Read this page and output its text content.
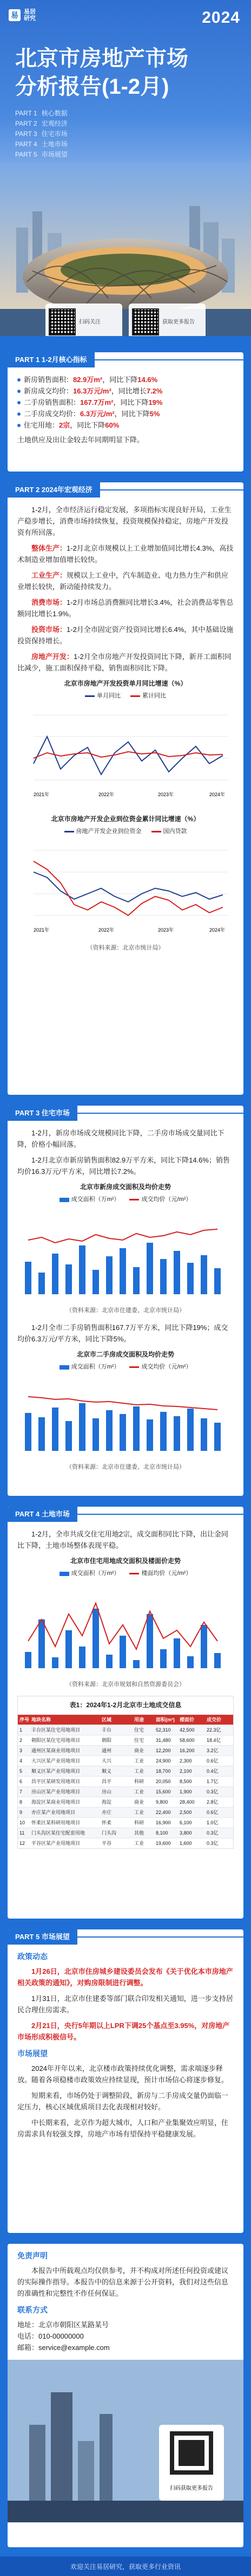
易 易居
研究	2024
北京市房地产市场
分析报告(1-2月)
PART 1 核心数据
PART 2 宏观经济
PART 3 住宅市场
PART 4 土地市场
PART 5 市场展望
扫码关注	获取更多报告
PART 1 1-2月核心指标
新房销售面积：82.9万m²，同比下降14.6%
新房成交均价：16.3万元/m²，同比增长7.2%
二手房销售面积：167.7万m²，同比下降19%
二手房成交均价：6.3万元/m²，同比下降5%
住宅用地：2宗，同比下降60%
土地供应及出让金较去年同期明显下降。
PART 2 2024年宏观经济

1-2月，全市经济运行稳定发展，多项指标实现良好开局，工业生产稳步增长，消费市场持续恢复，投资规模保持稳定，房地产开发投资有所回落。

整体生产：1-2月北京市规模以上工业增加值同比增长4.3%，高技术制造业增加值增长较快。

工业生产：规模以上工业中，汽车制造业、电力热力生产和供应业增长较快，新动能持续发力。

消费市场：1-2月市场总消费额同比增长3.4%，社会消费品零售总额同比增长1.9%。

投资市场：1-2月全市固定资产投资同比增长6.4%，其中基础设施投资保持增长。

房地产开发：1-2月全市房地产开发投资同比下降，新开工面积同比减少，施工面积保持平稳，销售面积同比下降。

北京市房地产开发投资单月同比增速（%）
单月同比	累计同比
2021年	2022年	2023年	2024年
北京市房地产开发企业到位资金累计同比增速（%）
房地产开发企业到位资金	国内贷款
2021年	2022年	2023年	2024年
（资料来源：北京市统计局）
PART 3 住宅市场

1-2月，新房市场成交规模同比下降，二手房市场成交量同比下降，价格小幅回落。

1-2月北京市新房销售面积82.9万平方米，同比下降14.6%；销售均价16.3万元/平方米，同比增长7.2%。

北京市新房成交面积及均价走势
成交面积（万m²）	成交均价（元/m²）
（资料来源：北京市住建委、北京市统计局）

1-2月全市二手房销售面积167.7万平方米，同比下降19%；成交均价6.3万元/平方米，同比下降5%。

北京市二手房成交面积及均价走势
成交面积（万m²）	成交均价（元/m²）
（资料来源：北京市住建委、北京市统计局）
PART 4 土地市场

1-2月，全市共成交住宅用地2宗，成交面积同比下降，出让金同比下降，土地市场整体表现平稳。

北京市住宅用地成交面积及楼面价走势
成交面积（万m²）	楼面均价（元/m²）
（资料来源：北京市规划和自然资源委员会）
表1：2024年1-2月北京市土地成交信息
序号 地块名称	区域	用途	面积(m²)	楼面价	成交价
1	丰台区某住宅用地项目	丰台	住宅	52,310	42,500	22.3亿
2	朝阳区某住宅用地项目	朝阳	住宅	31,480	58,600	18.4亿
3	通州区某商业用地项目	通州	商业	12,200	16,200	3.2亿
4	大兴区某产业用地项目	大兴	工业	24,900	2,300	0.6亿
5	顺义区某产业用地项目	顺义	工业	18,700	2,100	0.4亿
6	昌平区某研发用地项目	昌平	科研	20,050	8,500	1.7亿
7	房山区某产业用地项目	房山	工业	15,600	1,900	0.3亿
8	海淀区某商业用地项目	海淀	商业	9,800	28,400	2.8亿
9	亦庄某产业用地项目	亦庄	工业	22,400	2,500	0.6亿
10	怀柔区某科研用地项目	怀柔	科研	16,900	6,100	1.0亿
11	门头沟区某住宅配套用地	门头沟	其他	8,100	3,800	0.3亿
12	平谷区某产业用地项目	平谷	工业	19,600	1,600	0.3亿
PART 5 市场展望
政策动态

1月26日，北京市住房城乡建设委员会发布《关于优化本市房地产相关政策的通知》，对购房限制进行调整。

1月31日，北京市住建委等部门联合印发相关通知，进一步支持居民合理住房需求。

2月21日，央行5年期以上LPR下调25个基点至3.95%，对房地产市场形成积极信号。

市场展望

2024年开年以来，北京楼市政策持续优化调整，需求端逐步释放。随着各项稳楼市政策效应持续显现，预计市场信心将逐步修复。

短期来看，市场仍处于调整阶段，新房与二手房成交量仍面临一定压力，核心区域优质项目去化表现相对较好。

中长期来看，北京作为超大城市，人口和产业集聚效应明显，住房需求具有较强支撑，房地产市场有望保持平稳健康发展。

免责声明

本报告中所载观点均仅供参考，并不构成对所述任何投资或建议的实际操作指导。本报告中的信息来源于公开资料，我们对这些信息的准确性和完整性不作任何保证。

联系方式
地址：北京市朝阳区某路某号
电话：010-00000000
邮箱：service@example.com
扫码获取更多报告
欢迎关注易居研究，获取更多行业资讯
